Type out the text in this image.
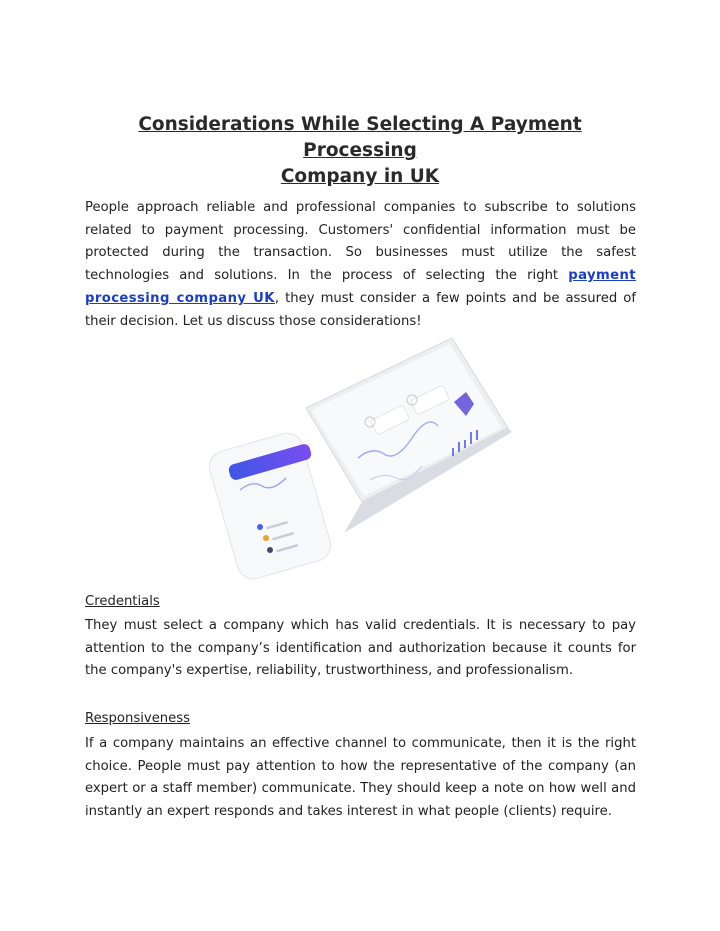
Considerations While Selecting A Payment Processing
Company in UK

People approach reliable and professional companies to subscribe to solutions related to payment processing. Customers' confidential information must be protected during the transaction. So businesses must utilize the safest technologies and solutions. In the process of selecting the right payment processing company UK, they must consider a few points and be assured of their decision. Let us discuss those considerations!

Credentials

They must select a company which has valid credentials. It is necessary to pay attention to the company’s identification and authorization because it counts for the company's expertise, reliability, trustworthiness, and professionalism.

Responsiveness

If a company maintains an effective channel to communicate, then it is the right choice. People must pay attention to how the representative of the company (an expert or a staff member) communicate. They should keep a note on how well and instantly an expert responds and takes interest in what people (clients) require.
